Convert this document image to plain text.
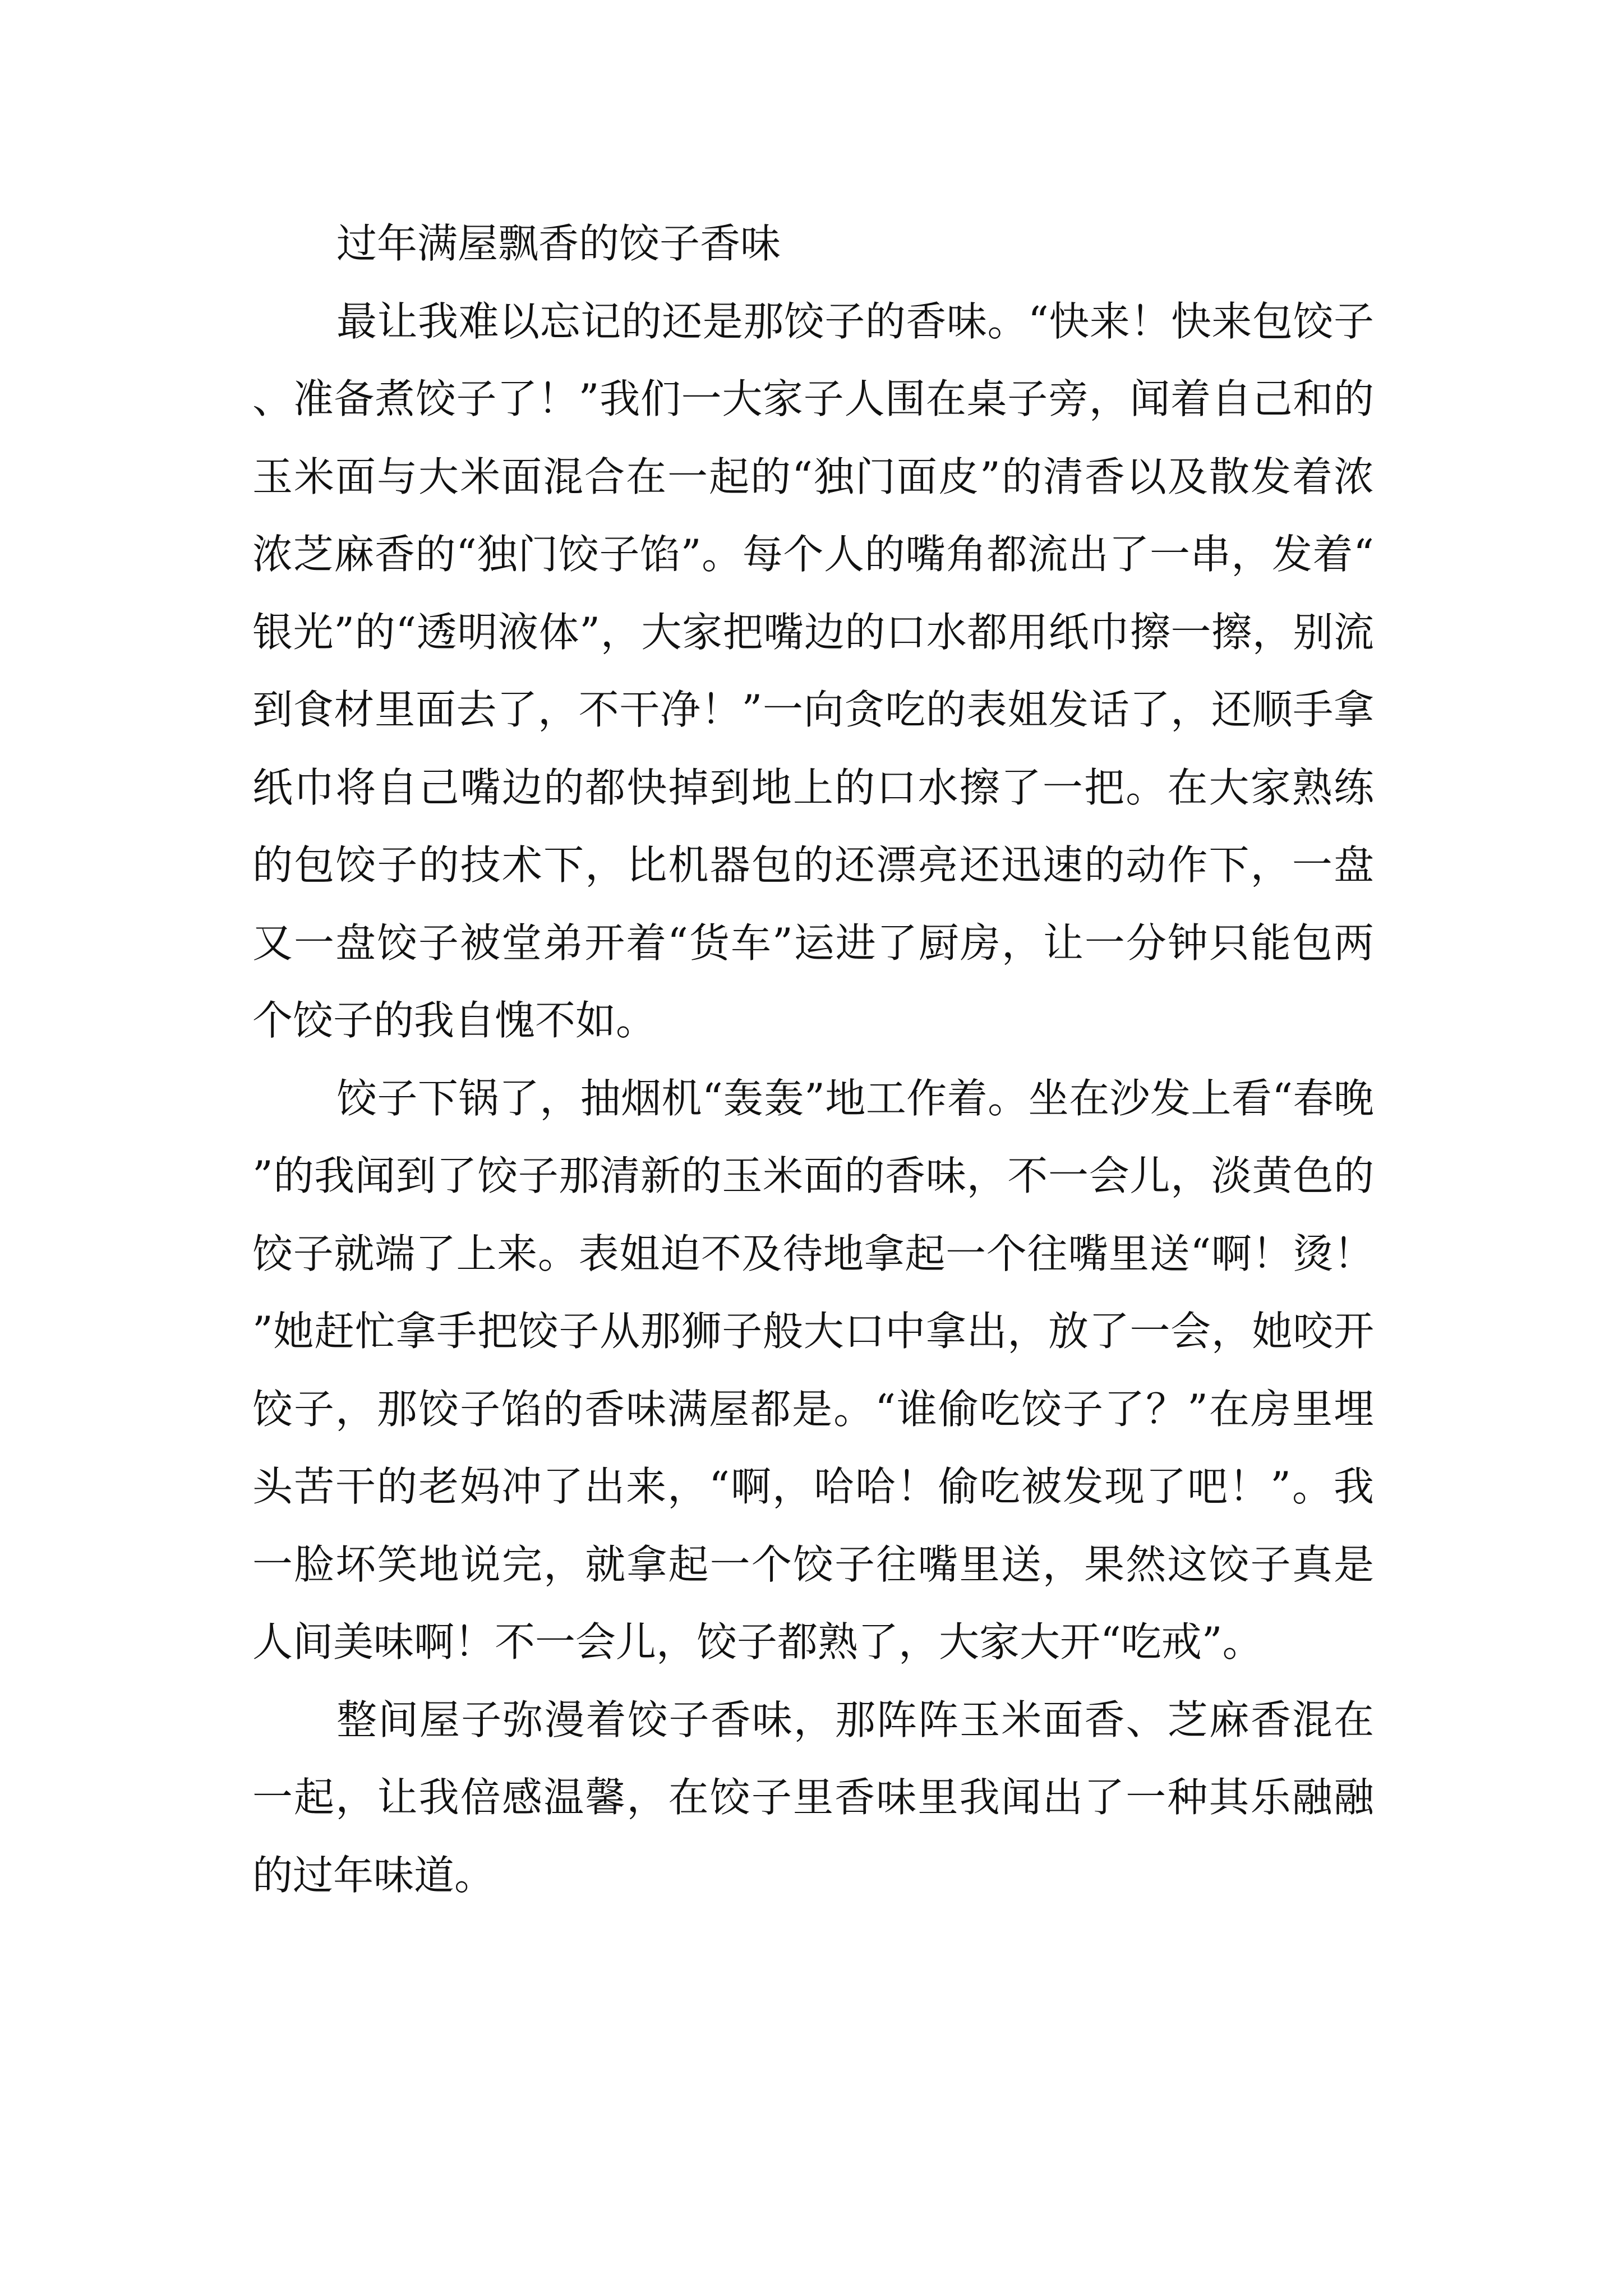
过年满屋飘香的饺子香味

最让我难以忘记的还是那饺子的香味。“快来！快来包饺子、准备煮饺子了！”我们一大家子人围在桌子旁，闻着自己和的玉米面与大米面混合在一起的“独门面皮”的清香以及散发着浓浓芝麻香的“独门饺子馅”。每个人的嘴角都流出了一串，发着“银光”的“透明液体”，大家把嘴边的口水都用纸巾擦一擦，别流到食材里面去了，不干净！”一向贪吃的表姐发话了，还顺手拿纸巾将自己嘴边的都快掉到地上的口水擦了一把。在大家熟练的包饺子的技术下，比机器包的还漂亮还迅速的动作下，一盘又一盘饺子被堂弟开着“货车”运进了厨房，让一分钟只能包两个饺子的我自愧不如。

饺子下锅了，抽烟机“轰轰”地工作着。坐在沙发上看“春晚”的我闻到了饺子那清新的玉米面的香味，不一会儿，淡黄色的饺子就端了上来。表姐迫不及待地拿起一个往嘴里送“啊！烫！”她赶忙拿手把饺子从那狮子般大口中拿出，放了一会，她咬开饺子，那饺子馅的香味满屋都是。“谁偷吃饺子了？”在房里埋头苦干的老妈冲了出来，“啊，哈哈！偷吃被发现了吧！”。我一脸坏笑地说完，就拿起一个饺子往嘴里送，果然这饺子真是人间美味啊！不一会儿，饺子都熟了，大家大开“吃戒”。

整间屋子弥漫着饺子香味，那阵阵玉米面香、芝麻香混在一起，让我倍感温馨，在饺子里香味里我闻出了一种其乐融融的过年味道。
